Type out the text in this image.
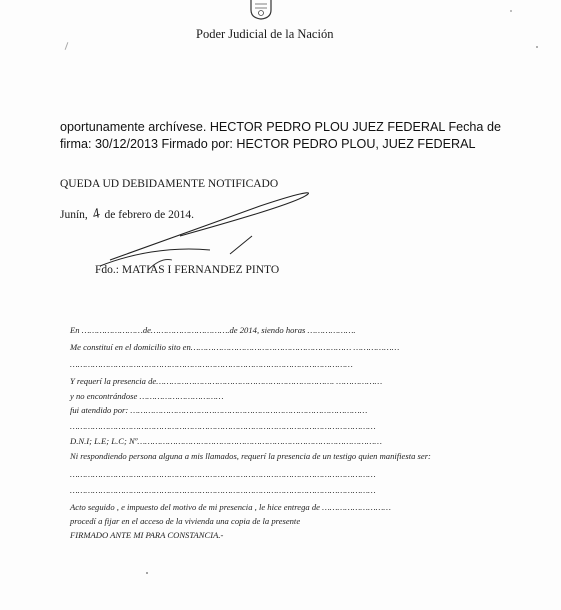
Poder Judicial de la Nación
oportunamente archívese. HECTOR PEDRO PLOU JUEZ FEDERAL Fecha de
firma: 30/12/2013 Firmado por: HECTOR PEDRO PLOU, JUEZ FEDERAL
QUEDA UD DEBIDAMENTE NOTIFICADO
Junín, 4 de febrero de 2014.
Fdo.: MATIAS I FERNANDEZ PINTO
En ……………………de………………………….de 2014, siendo horas ……………….
Me constituí en el domicilio sito en……………………………………………………… ………………
…………………………………………………………………………………………………
Y requerí la presencia de……………………………………………………………. ………………
y no encontrándose ……………………………
fui atendido por: …………………………………………………………………………………
…………………………………………………………………………………………………………
D.N.I; L.E; L.C; Nº……………………………………………………………………………………
Ni respondiendo persona alguna a mis llamados, requerí la presencia de un testigo quien manifiesta ser:
…………………………………………………………………………………………………………
…………………………………………………………………………………………………………
Acto seguido , e impuesto del motivo de mi presencia , le hice entrega de ………………………
procedí a fijar en el acceso de la vivienda una copia de la presente
FIRMADO ANTE MI PARA CONSTANCIA.-
